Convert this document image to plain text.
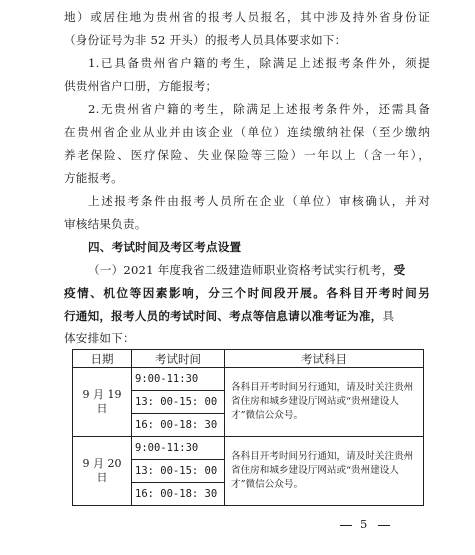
地）或居住地为贵州省的报考人员报名，其中涉及持外省身份证
（身份证号为非 52 开头）的报考人员具体要求如下：
1.已具备贵州省户籍的考生，除满足上述报考条件外，须提
供贵州省户口册，方能报考；
2.无贵州省户籍的考生，除满足上述报考条件外，还需具备
在贵州省企业从业并由该企业（单位）连续缴纳社保（至少缴纳
养老保险、医疗保险、失业保险等三险）一年以上（含一年），
方能报考。
上述报考条件由报考人员所在企业（单位）审核确认，并对
审核结果负责。
四、考试时间及考区考点设置
（一）2021 年度我省二级建造师职业资格考试实行机考，受
疫情、机位等因素影响，分三个时间段开展。各科目开考时间另
行通知，报考人员的考试时间、考点等信息请以准考证为准，具
体安排如下：
日期	考试时间	考试科目
9 月 19 日	9:00-11:30	各科目开考时间另行通知，请及时关注贵州省住房和城乡建设厅网站或“贵州建设人才”微信公众号。
	13: 00-15: 00	
	16: 00-18: 30	
9 月 20 日	9:00-11:30	各科目开考时间另行通知，请及时关注贵州省住房和城乡建设厅网站或“贵州建设人才”微信公众号。
	13: 00-15: 00	
	16: 00-18: 30	
5
